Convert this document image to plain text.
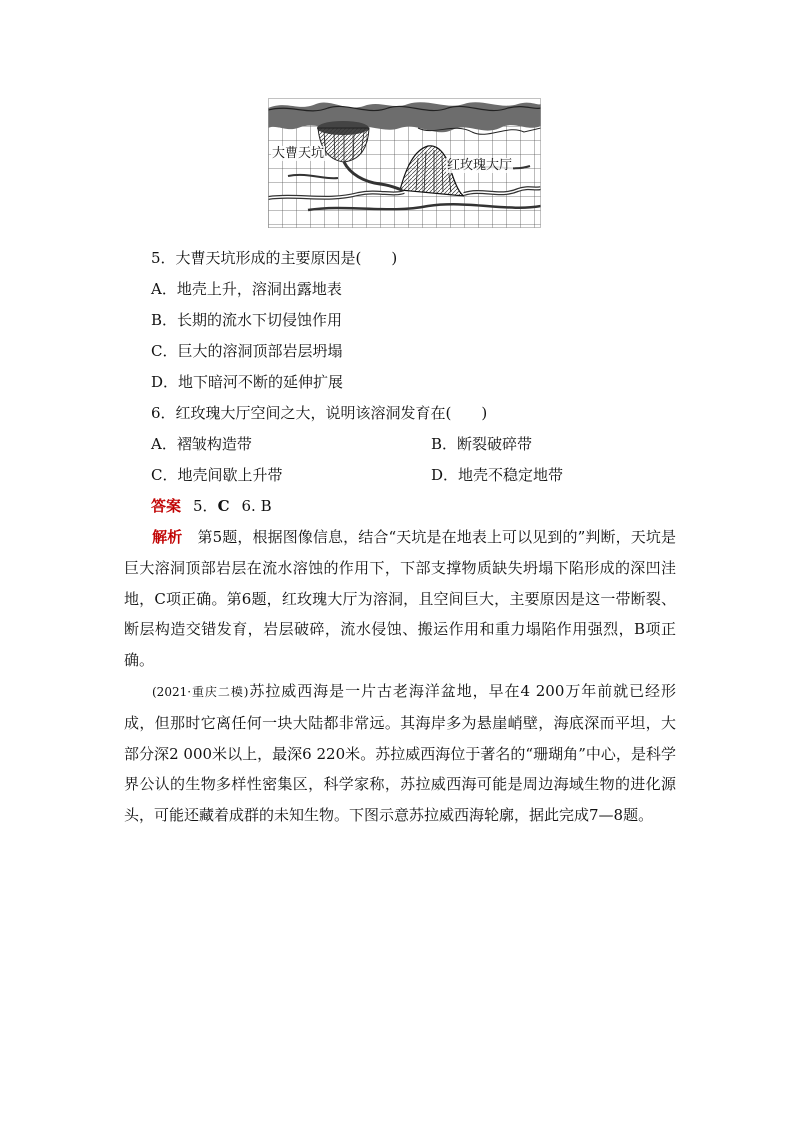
大曹天坑
红玫瑰大厅
5．大曹天坑形成的主要原因是(　　)
A．地壳上升，溶洞出露地表
B．长期的流水下切侵蚀作用
C．巨大的溶洞顶部岩层坍塌
D．地下暗河不断的延伸扩展
6．红玫瑰大厅空间之大，说明该溶洞发育在(　　)
A．褶皱构造带	B．断裂破碎带
C．地壳间歇上升带	D．地壳不稳定地带
答案 5．C 6. B
解析　 第5题，根据图像信息，结合“天坑是在地表上可以见到的”判断，天坑是巨大溶洞顶部岩层在流水溶蚀的作用下，下部支撑物质缺失坍塌下陷形成的深凹洼地，C项正确。第6题，红玫瑰大厅为溶洞，且空间巨大，主要原因是这一带断裂、断层构造交错发育，岩层破碎，流水侵蚀、搬运作用和重力塌陷作用强烈，B项正确。
(2021·重庆二模)苏拉威西海是一片古老海洋盆地，早在4 200万年前就已经形成，但那时它离任何一块大陆都非常远。其海岸多为悬崖峭壁，海底深而平坦，大部分深2 000米以上，最深6 220米。苏拉威西海位于著名的“珊瑚角”中心，是科学界公认的生物多样性密集区，科学家称，苏拉威西海可能是周边海域生物的进化源头，可能还藏着成群的未知生物。下图示意苏拉威西海轮廓，据此完成7—8题。
